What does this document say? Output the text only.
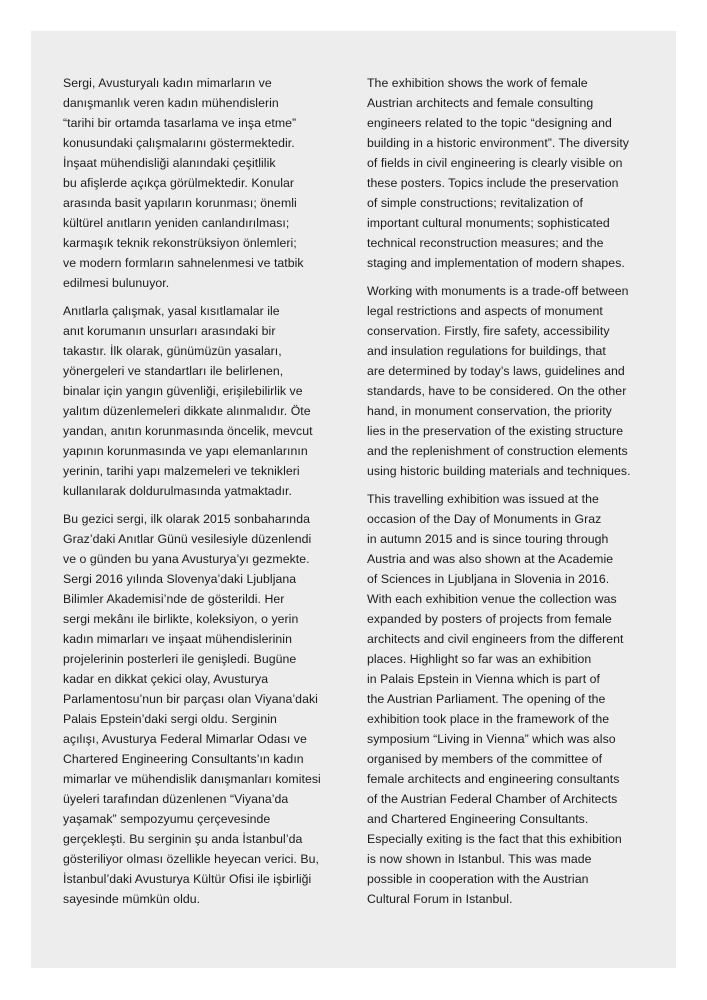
Sergi, Avusturyalı kadın mimarların ve
danışmanlık veren kadın mühendislerin
“tarihi bir ortamda tasarlama ve inşa etme”
konusundaki çalışmalarını göstermektedir.
İnşaat mühendisliği alanındaki çeşitlilik
bu afişlerde açıkça görülmektedir. Konular
arasında basit yapıların korunması; önemli
kültürel anıtların yeniden canlandırılması;
karmaşık teknik rekonstrüksiyon önlemleri;
ve modern formların sahnelenmesi ve tatbik
edilmesi bulunuyor.
Anıtlarla çalışmak, yasal kısıtlamalar ile
anıt korumanın unsurları arasındaki bir
takastır. İlk olarak, günümüzün yasaları,
yönergeleri ve standartları ile belirlenen,
binalar için yangın güvenliği, erişilebilirlik ve
yalıtım düzenlemeleri dikkate alınmalıdır. Öte
yandan, anıtın korunmasında öncelik, mevcut
yapının korunmasında ve yapı elemanlarının
yerinin, tarihi yapı malzemeleri ve teknikleri
kullanılarak doldurulmasında yatmaktadır.
Bu gezici sergi, ilk olarak 2015 sonbaharında
Graz’daki Anıtlar Günü vesilesiyle düzenlendi
ve o günden bu yana Avusturya’yı gezmekte.
Sergi 2016 yılında Slovenya’daki Ljubljana
Bilimler Akademisi’nde de gösterildi. Her
sergi mekânı ile birlikte, koleksiyon, o yerin
kadın mimarları ve inşaat mühendislerinin
projelerinin posterleri ile genişledi. Bugüne
kadar en dikkat çekici olay, Avusturya
Parlamentosu’nun bir parçası olan Viyana’daki
Palais Epstein’daki sergi oldu. Serginin
açılışı, Avusturya Federal Mimarlar Odası ve
Chartered Engineering Consultants’ın kadın
mimarlar ve mühendislik danışmanları komitesi
üyeleri tarafından düzenlenen “Viyana’da
yaşamak” sempozyumu çerçevesinde
gerçekleşti. Bu serginin şu anda İstanbul’da
gösteriliyor olması özellikle heyecan verici. Bu,
İstanbul’daki Avusturya Kültür Ofisi ile işbirliği
sayesinde mümkün oldu.
The exhibition shows the work of female
Austrian architects and female consulting
engineers related to the topic “designing and
building in a historic environment”. The diversity
of fields in civil engineering is clearly visible on
these posters. Topics include the preservation
of simple constructions; revitalization of
important cultural monuments; sophisticated
technical reconstruction measures; and the
staging and implementation of modern shapes.
Working with monuments is a trade-off between
legal restrictions and aspects of monument
conservation. Firstly, fire safety, accessibility
and insulation regulations for buildings, that
are determined by today’s laws, guidelines and
standards, have to be considered. On the other
hand, in monument conservation, the priority
lies in the preservation of the existing structure
and the replenishment of construction elements
using historic building materials and techniques.
This travelling exhibition was issued at the
occasion of the Day of Monuments in Graz
in autumn 2015 and is since touring through
Austria and was also shown at the Academie
of Sciences in Ljubljana in Slovenia in 2016.
With each exhibition venue the collection was
expanded by posters of projects from female
architects and civil engineers from the different
places. Highlight so far was an exhibition
in Palais Epstein in Vienna which is part of
the Austrian Parliament. The opening of the
exhibition took place in the framework of the
symposium “Living in Vienna” which was also
organised by members of the committee of
female architects and engineering consultants
of the Austrian Federal Chamber of Architects
and Chartered Engineering Consultants.
Especially exiting is the fact that this exhibition
is now shown in Istanbul. This was made
possible in cooperation with the Austrian
Cultural Forum in Istanbul.
